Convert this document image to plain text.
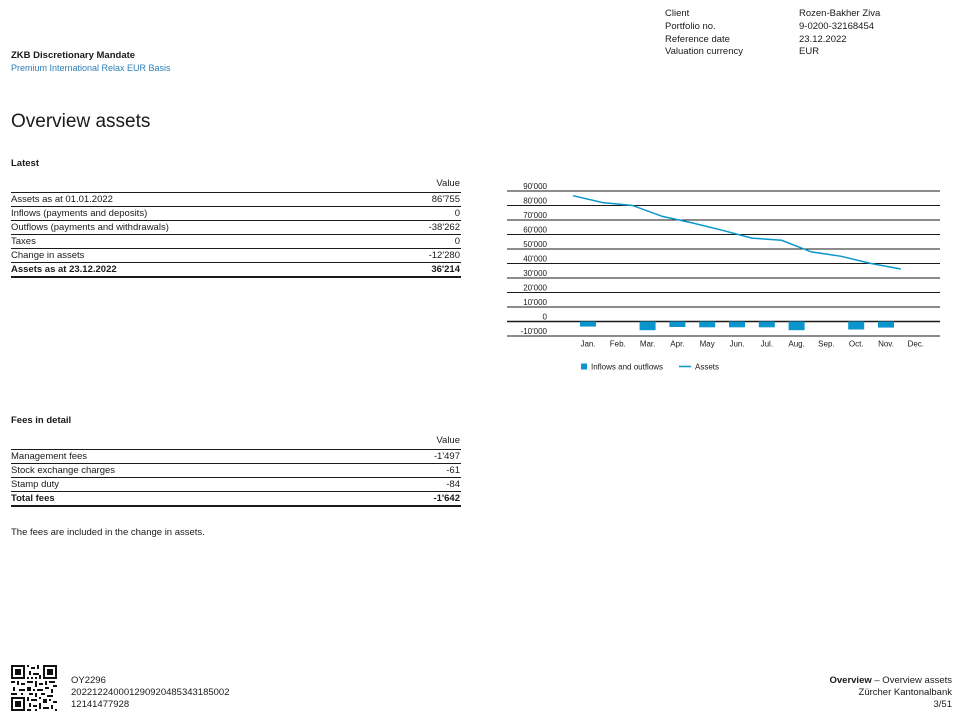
Client	Rozen-Bakher Ziva
Portfolio no.	9-0200-32168454
Reference date	23.12.2022
Valuation currency	EUR
ZKB Discretionary Mandate
Premium International Relax EUR Basis
Overview assets
Latest
Value
Assets as at 01.01.2022	86'755
Inflows (payments and deposits)	0
Outflows (payments and withdrawals)	-38'262
Taxes	0
Change in assets	-12'280
Assets as at 23.12.2022	36'214
90'000
80'000
70'000
60'000
50'000
40'000
30'000
20'000
10'000
0
-10'000
Jan. Feb. Mar. Apr. May Jun. Jul. Aug. Sep. Oct. Nov. Dec.
Inflows and outflows	Assets
Fees in detail
Value
Management fees	-1'497
Stock exchange charges	-61
Stamp duty	-84
Total fees	-1'642
The fees are included in the change in assets.
OY2296
20221224000129092048534318​5002
12141477928
Overview – Overview assets
Zürcher Kantonalbank
3/51
